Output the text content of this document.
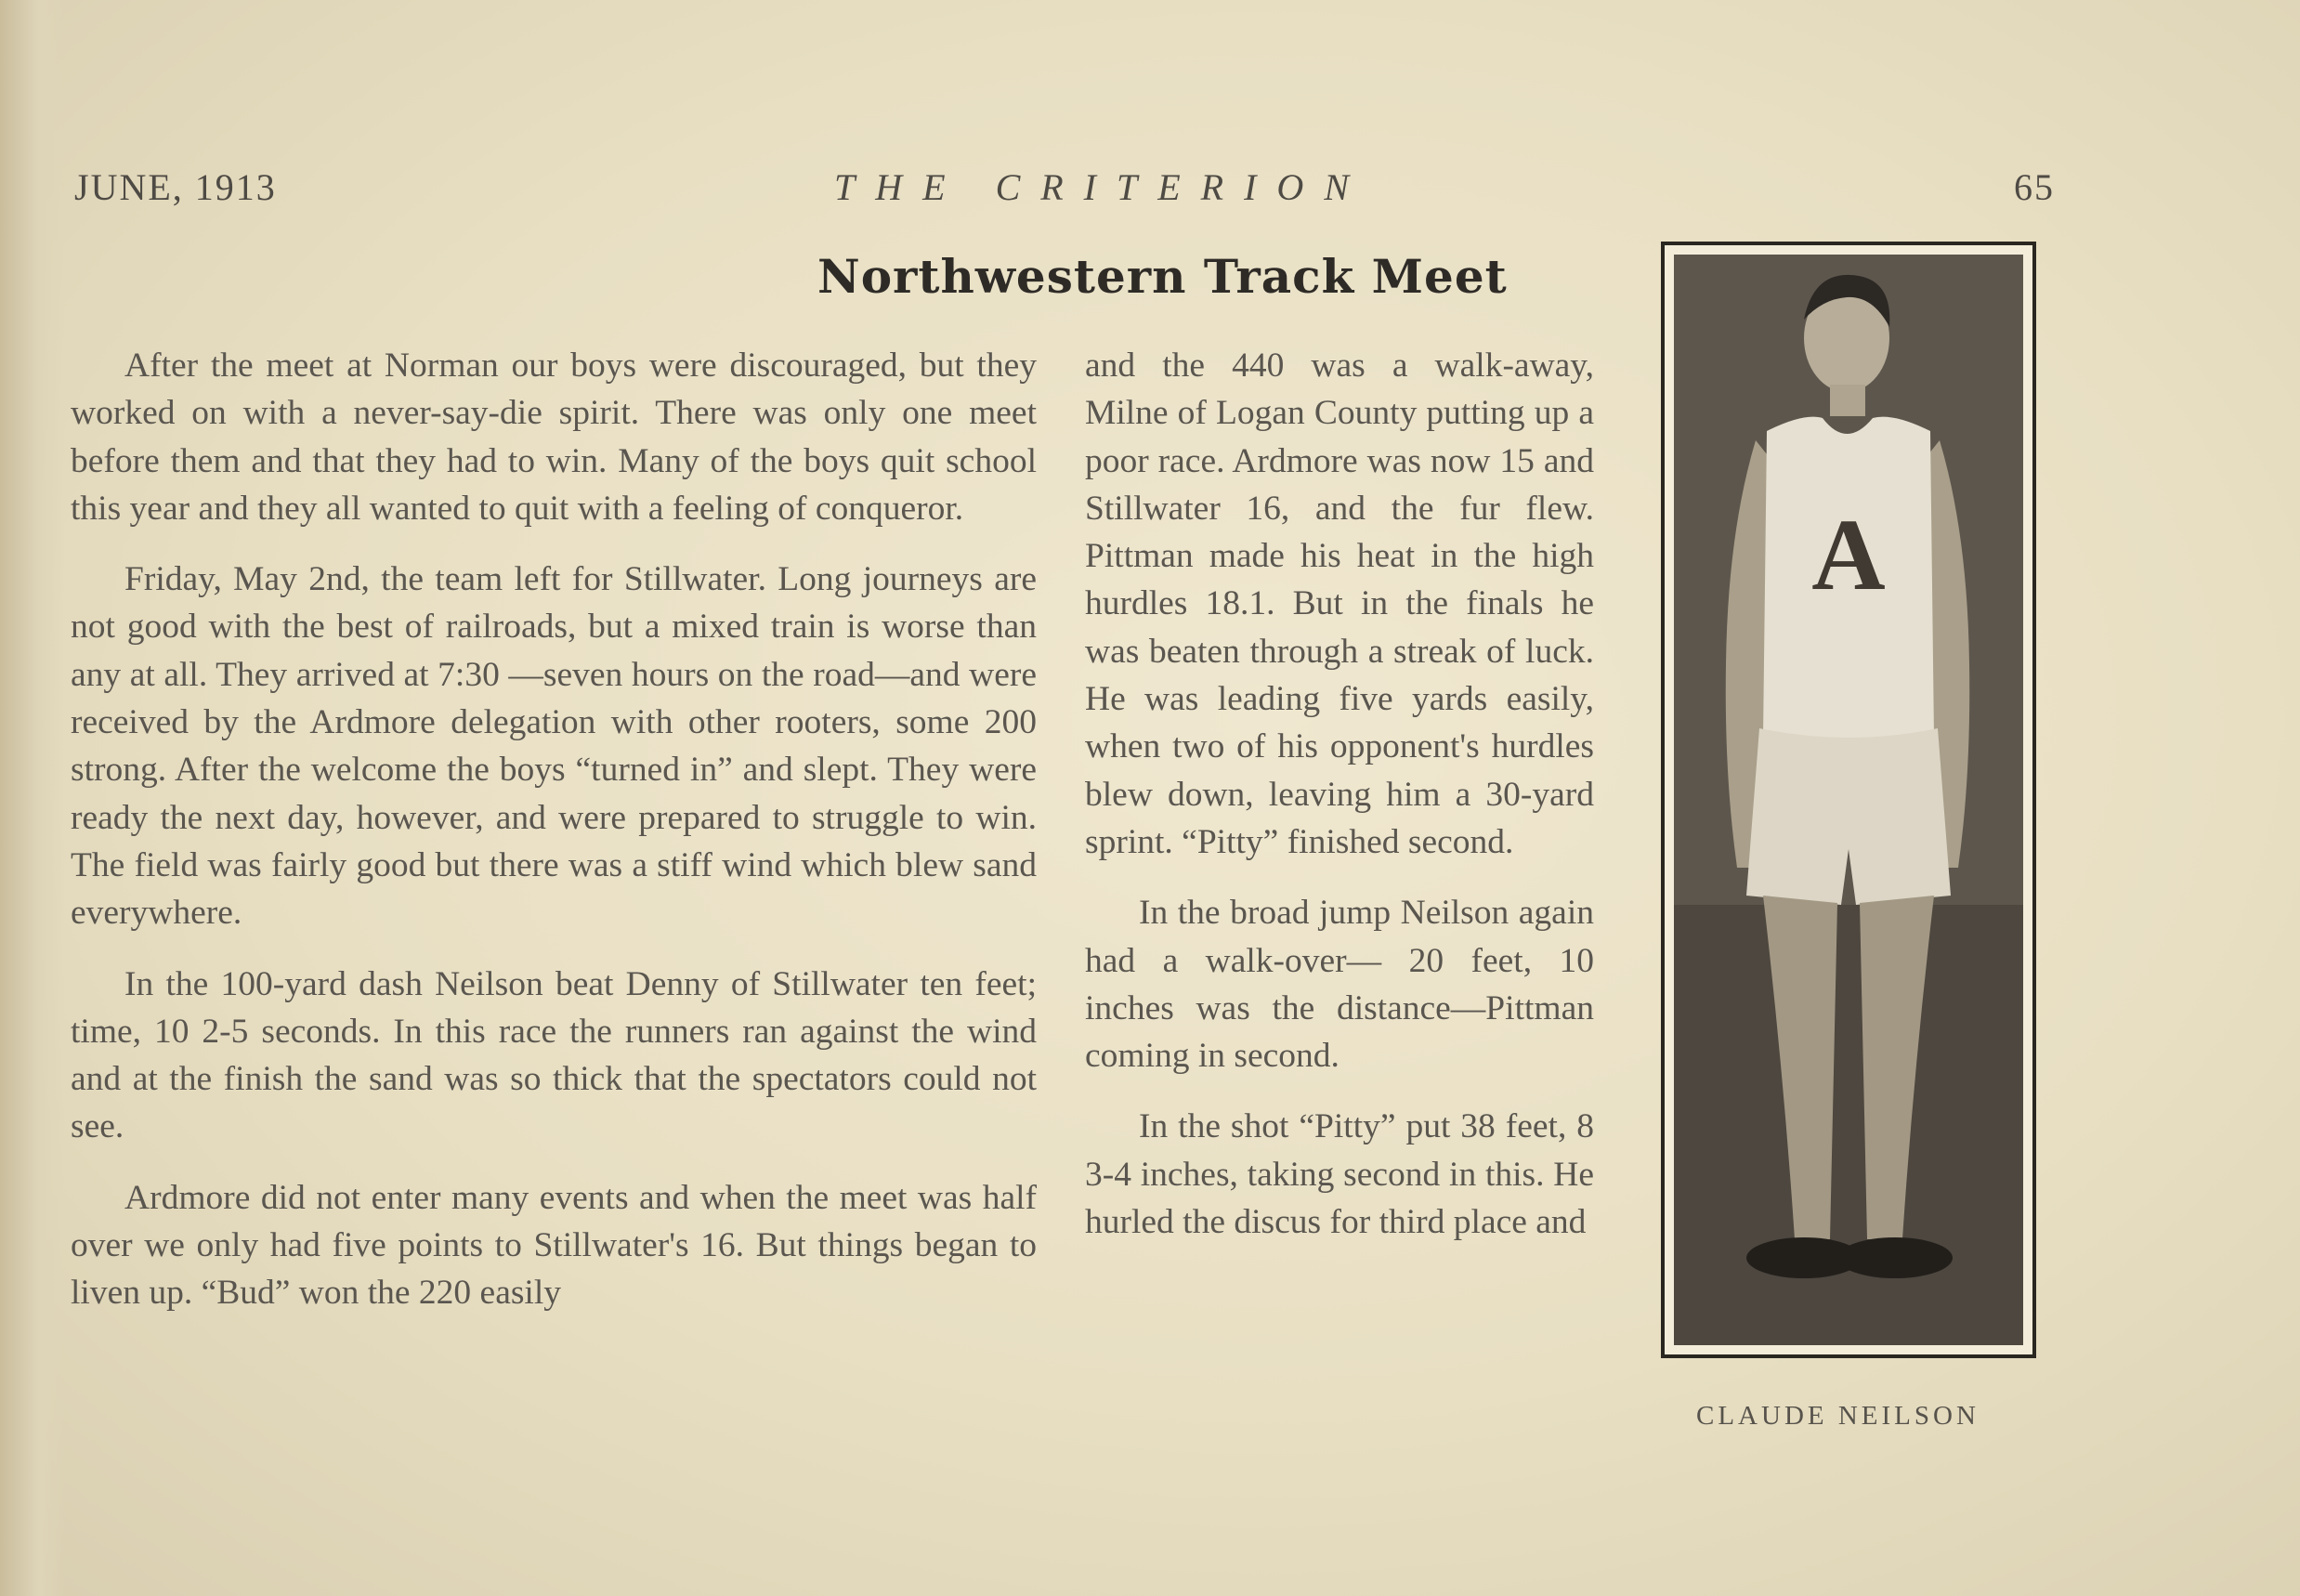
JUNE, 1913	THE CRITERION	65
Northwestern Track Meet

After the meet at Norman our boys were discouraged, but they worked on with a never-say-die spirit. There was only one meet before them and that they had to win. Many of the boys quit school this year and they all wanted to quit with a feeling of conqueror.

Friday, May 2nd, the team left for Stillwater. Long journeys are not good with the best of railroads, but a mixed train is worse than any at all. They arrived at 7:30 —seven hours on the road—and were received by the Ardmore delegation with other rooters, some 200 strong. After the welcome the boys “turned in” and slept. They were ready the next day, however, and were prepared to struggle to win. The field was fairly good but there was a stiff wind which blew sand everywhere.

In the 100-yard dash Neilson beat Denny of Stillwater ten feet; time, 10 2-5 seconds. In this race the runners ran against the wind and at the finish the sand was so thick that the spectators could not see.

Ardmore did not enter many events and when the meet was half over we only had five points to Stillwater's 16. But things began to liven up. “Bud” won the 220 easily

and the 440 was a walk-away, Milne of Logan County putting up a poor race. Ardmore was now 15 and Stillwater 16, and the fur flew. Pittman made his heat in the high hurdles 18.1. But in the finals he was beaten through a streak of luck. He was leading five yards easily, when two of his opponent's hurdles blew down, leaving him a 30-yard sprint. “Pitty” finished second.

In the broad jump Neilson again had a walk-over— 20 feet, 10 inches was the distance—Pittman coming in second.

In the shot “Pitty” put 38 feet, 8 3-4 inches, taking second in this. He hurled the discus for third place and

A
CLAUDE NEILSON
